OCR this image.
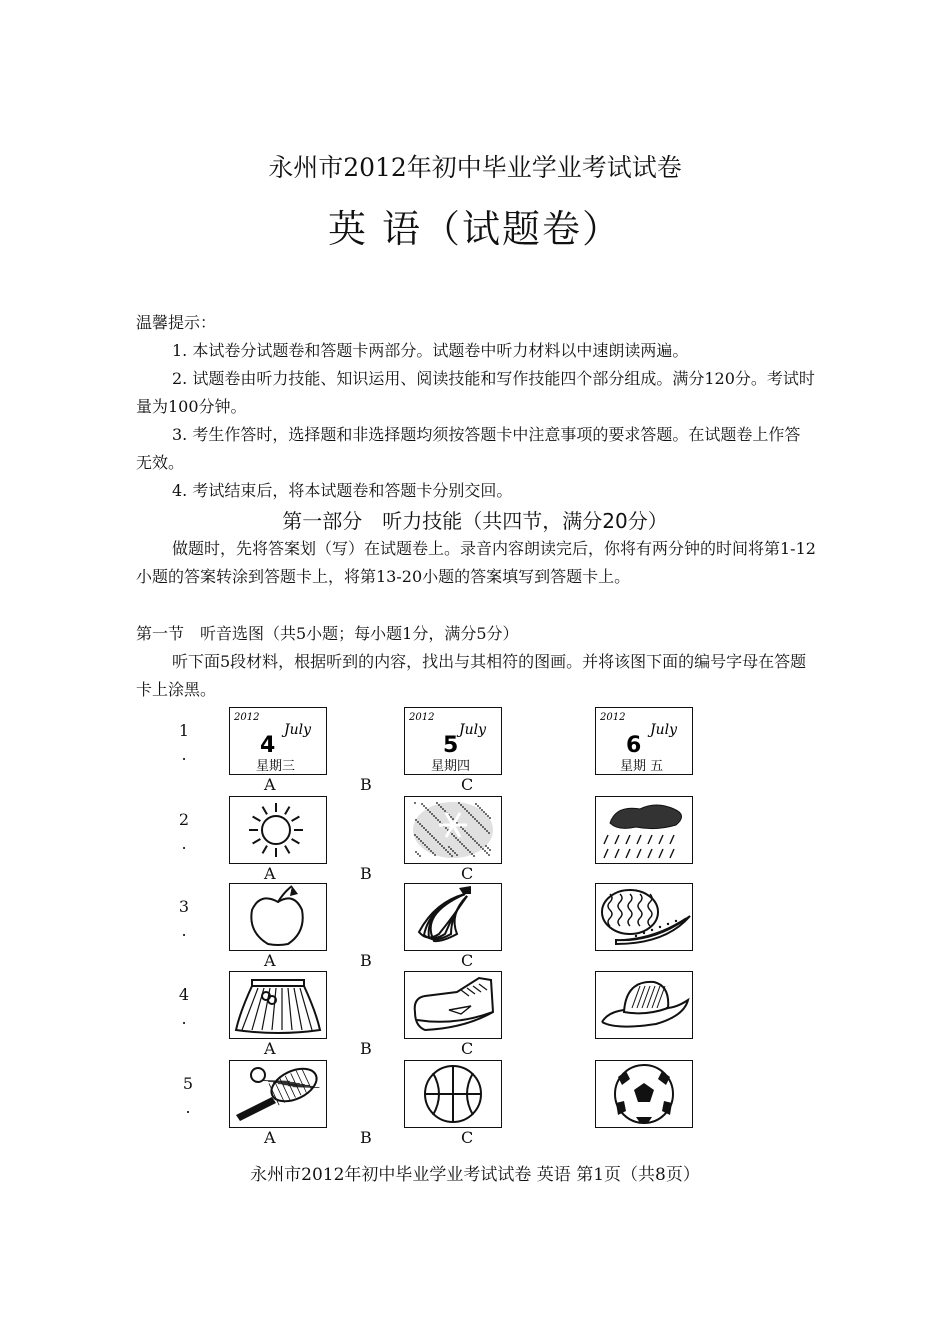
永州市2012年初中毕业学业考试试卷
英 语（试题卷）
温馨提示：
1. 本试卷分试题卷和答题卡两部分。试题卷中听力材料以中速朗读两遍。
2. 试题卷由听力技能、知识运用、阅读技能和写作技能四个部分组成。满分120分。考试时量为100分钟。
3. 考生作答时，选择题和非选择题均须按答题卡中注意事项的要求答题。在试题卷上作答无效。
4. 考试结束后，将本试题卷和答题卡分别交回。
第一部分　听力技能（共四节，满分20分）
做题时，先将答案划（写）在试题卷上。录音内容朗读完后，你将有两分钟的时间将第1-12小题的答案转涂到答题卡上，将第13-20小题的答案填写到答题卡上。
第一节　听音选图（共5小题；每小题1分，满分5分）
听下面5段材料，根据听到的内容，找出与其相符的图画。并将该图下面的编号字母在答题卡上涂黑。
1
.
2012
July
4
星期三
2012
July
5
星期四
2012
July
6
星期 五
A	B	C
2
.
A	B	C
3
.
A	B	C
4
.
A	B	C
5
.
A	B	C
永州市2012年初中毕业学业考试试卷 英语 第1页（共8页）
